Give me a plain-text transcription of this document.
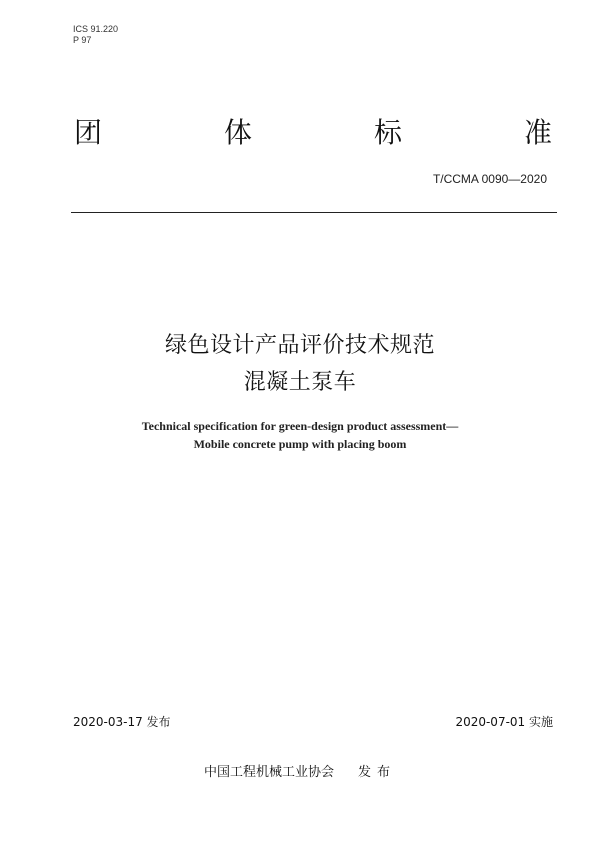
ICS 91.220
P 97
团	体	标	准
T/CCMA 0090—2020
绿色设计产品评价技术规范
混凝土泵车
Technical specification for green-design product assessment—
Mobile concrete pump with placing boom
2020-03-17 发布	2020-07-01 实施
中国工程机械工业协会 发布
